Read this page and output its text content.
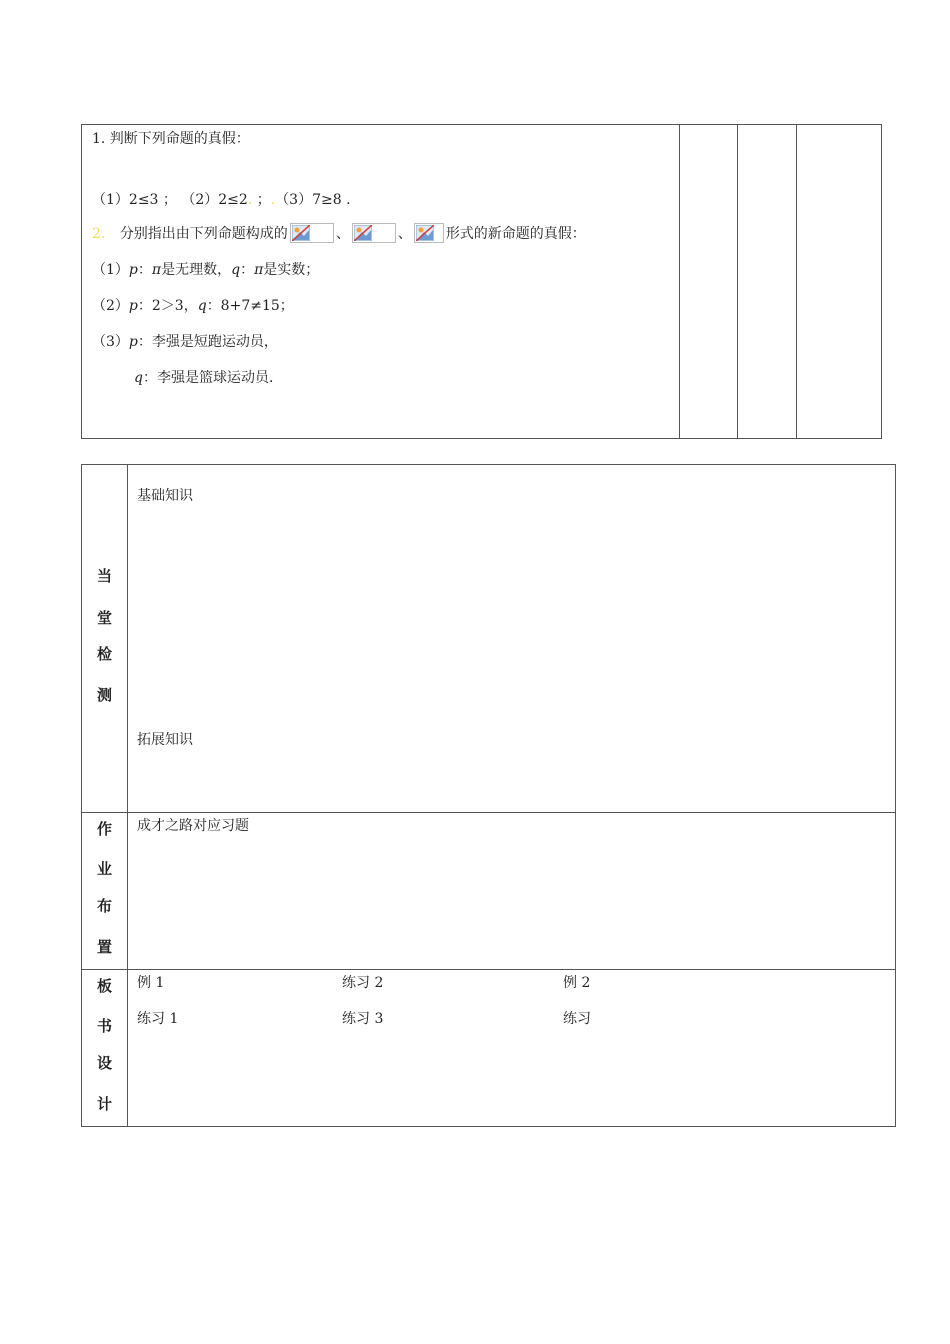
1. 判断下列命题的真假：
（1）2≤3 ； （2）2≤2. ；.（3）7≥8 .
2. 分别指出由下列命题构成的	、	、 形式的新命题的真假：
（1）p：π是无理数，q：π是实数；
（2）p：2＞3，q：8+7≠15；
（3）p：李强是短跑运动员，
q：李强是篮球运动员.
当
堂
检
测
基础知识
拓展知识
作
业
布
置
成才之路对应习题
板
书
设
计
例 1	练习 2	例 2
练习 1	练习 3	练习
